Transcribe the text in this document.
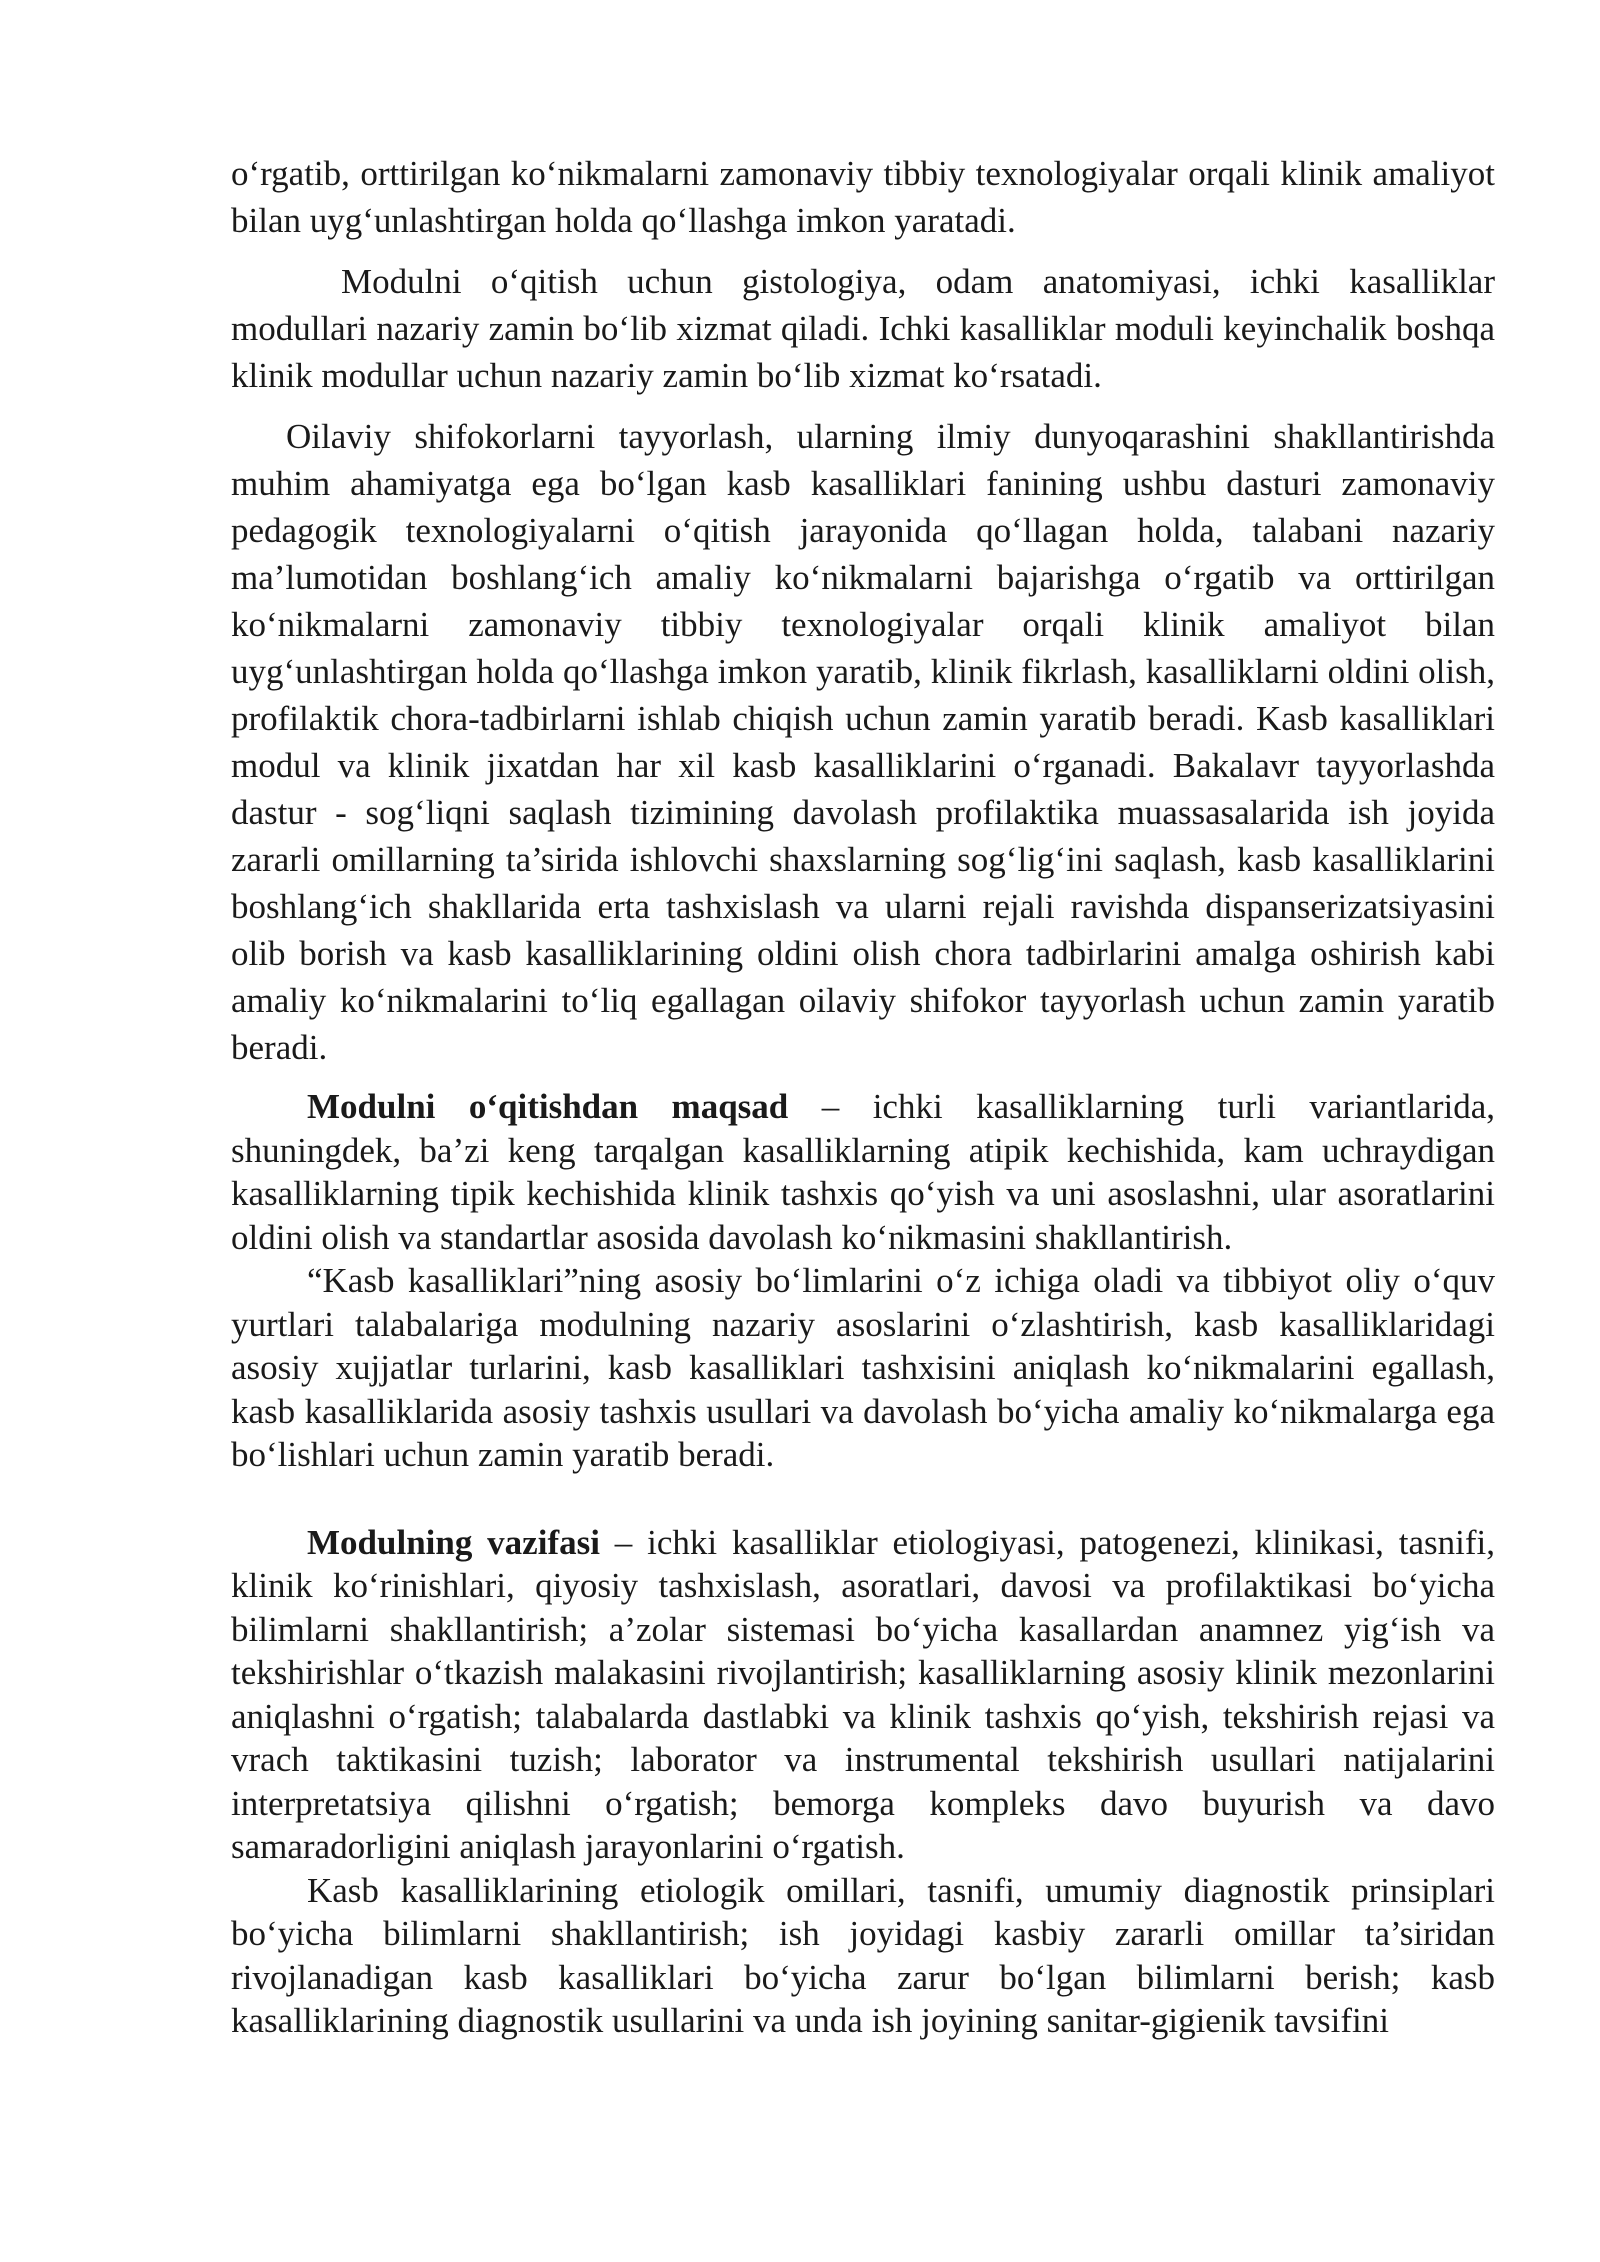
o‘rgatib, orttirilgan ko‘nikmalarni zamonaviy tibbiy texnologiyalar orqali klinik amaliyot bilan uyg‘unlashtirgan holda qo‘llashga imkon yaratadi.

Modulni o‘qitish uchun gistologiya, odam anatomiyasi, ichki kasalliklar modullari nazariy zamin bo‘lib xizmat qiladi. Ichki kasalliklar moduli keyinchalik boshqa klinik modullar uchun nazariy zamin bo‘lib xizmat ko‘rsatadi.

Oilaviy shifokorlarni tayyorlash, ularning ilmiy dunyoqarashini shakllantirishda muhim ahamiyatga ega bo‘lgan kasb kasalliklari fanining ushbu dasturi zamonaviy pedagogik texnologiyalarni o‘qitish jarayonida qo‘llagan holda, talabani nazariy ma’lumotidan boshlang‘ich amaliy ko‘nikmalarni bajarishga o‘rgatib va orttirilgan ko‘nikmalarni zamonaviy tibbiy texnologiyalar orqali klinik amaliyot bilan uyg‘unlashtirgan holda qo‘llashga imkon yaratib, klinik fikrlash, kasalliklarni oldini olish, profilaktik chora-tadbirlarni ishlab chiqish uchun zamin yaratib beradi. Kasb kasalliklari modul va klinik jixatdan har xil kasb kasalliklarini o‘rganadi. Bakalavr tayyorlashda dastur - sog‘liqni saqlash tizimining davolash profilaktika muassasalarida ish joyida zararli omillarning ta’sirida ishlovchi shaxslarning sog‘lig‘ini saqlash, kasb kasalliklarini boshlang‘ich shakllarida erta tashxislash va ularni rejali ravishda dispanserizatsiyasini olib borish va kasb kasalliklarining oldini olish chora tadbirlarini amalga oshirish kabi amaliy ko‘nikmalarini to‘liq egallagan oilaviy shifokor tayyorlash uchun zamin yaratib beradi.

Modulni o‘qitishdan maqsad – ichki kasalliklarning turli variantlarida, shuningdek, ba’zi keng tarqalgan kasalliklarning atipik kechishida, kam uchraydigan kasalliklarning tipik kechishida klinik tashxis qo‘yish va uni asoslashni, ular asoratlarini oldini olish va standartlar asosida davolash ko‘nikmasini shakllantirish.

“Kasb kasalliklari”ning asosiy bo‘limlarini o‘z ichiga oladi va tibbiyot oliy o‘quv yurtlari talabalariga modulning nazariy asoslarini o‘zlashtirish, kasb kasalliklaridagi asosiy xujjatlar turlarini, kasb kasalliklari tashxisini aniqlash ko‘nikmalarini egallash, kasb kasalliklarida asosiy tashxis usullari va davolash bo‘yicha amaliy ko‘nikmalarga ega bo‘lishlari uchun zamin yaratib beradi.

Modulning vazifasi – ichki kasalliklar etiologiyasi, patogenezi, klinikasi, tasnifi, klinik ko‘rinishlari, qiyosiy tashxislash, asoratlari, davosi va profilaktikasi bo‘yicha bilimlarni shakllantirish; a’zolar sistemasi bo‘yicha kasallardan anamnez yig‘ish va tekshirishlar o‘tkazish malakasini rivojlantirish; kasalliklarning asosiy klinik mezonlarini aniqlashni o‘rgatish; talabalarda dastlabki va klinik tashxis qo‘yish, tekshirish rejasi va vrach taktikasini tuzish; laborator va instrumental tekshirish usullari natijalarini interpretatsiya qilishni o‘rgatish; bemorga kompleks davo buyurish va davo samaradorligini aniqlash jarayonlarini o‘rgatish.

Kasb kasalliklarining etiologik omillari, tasnifi, umumiy diagnostik prinsiplari bo‘yicha bilimlarni shakllantirish; ish joyidagi kasbiy zararli omillar ta’siridan rivojlanadigan kasb kasalliklari bo‘yicha zarur bo‘lgan bilimlarni berish; kasb kasalliklarining diagnostik usullarini va unda ish joyining sanitar-gigienik tavsifini
